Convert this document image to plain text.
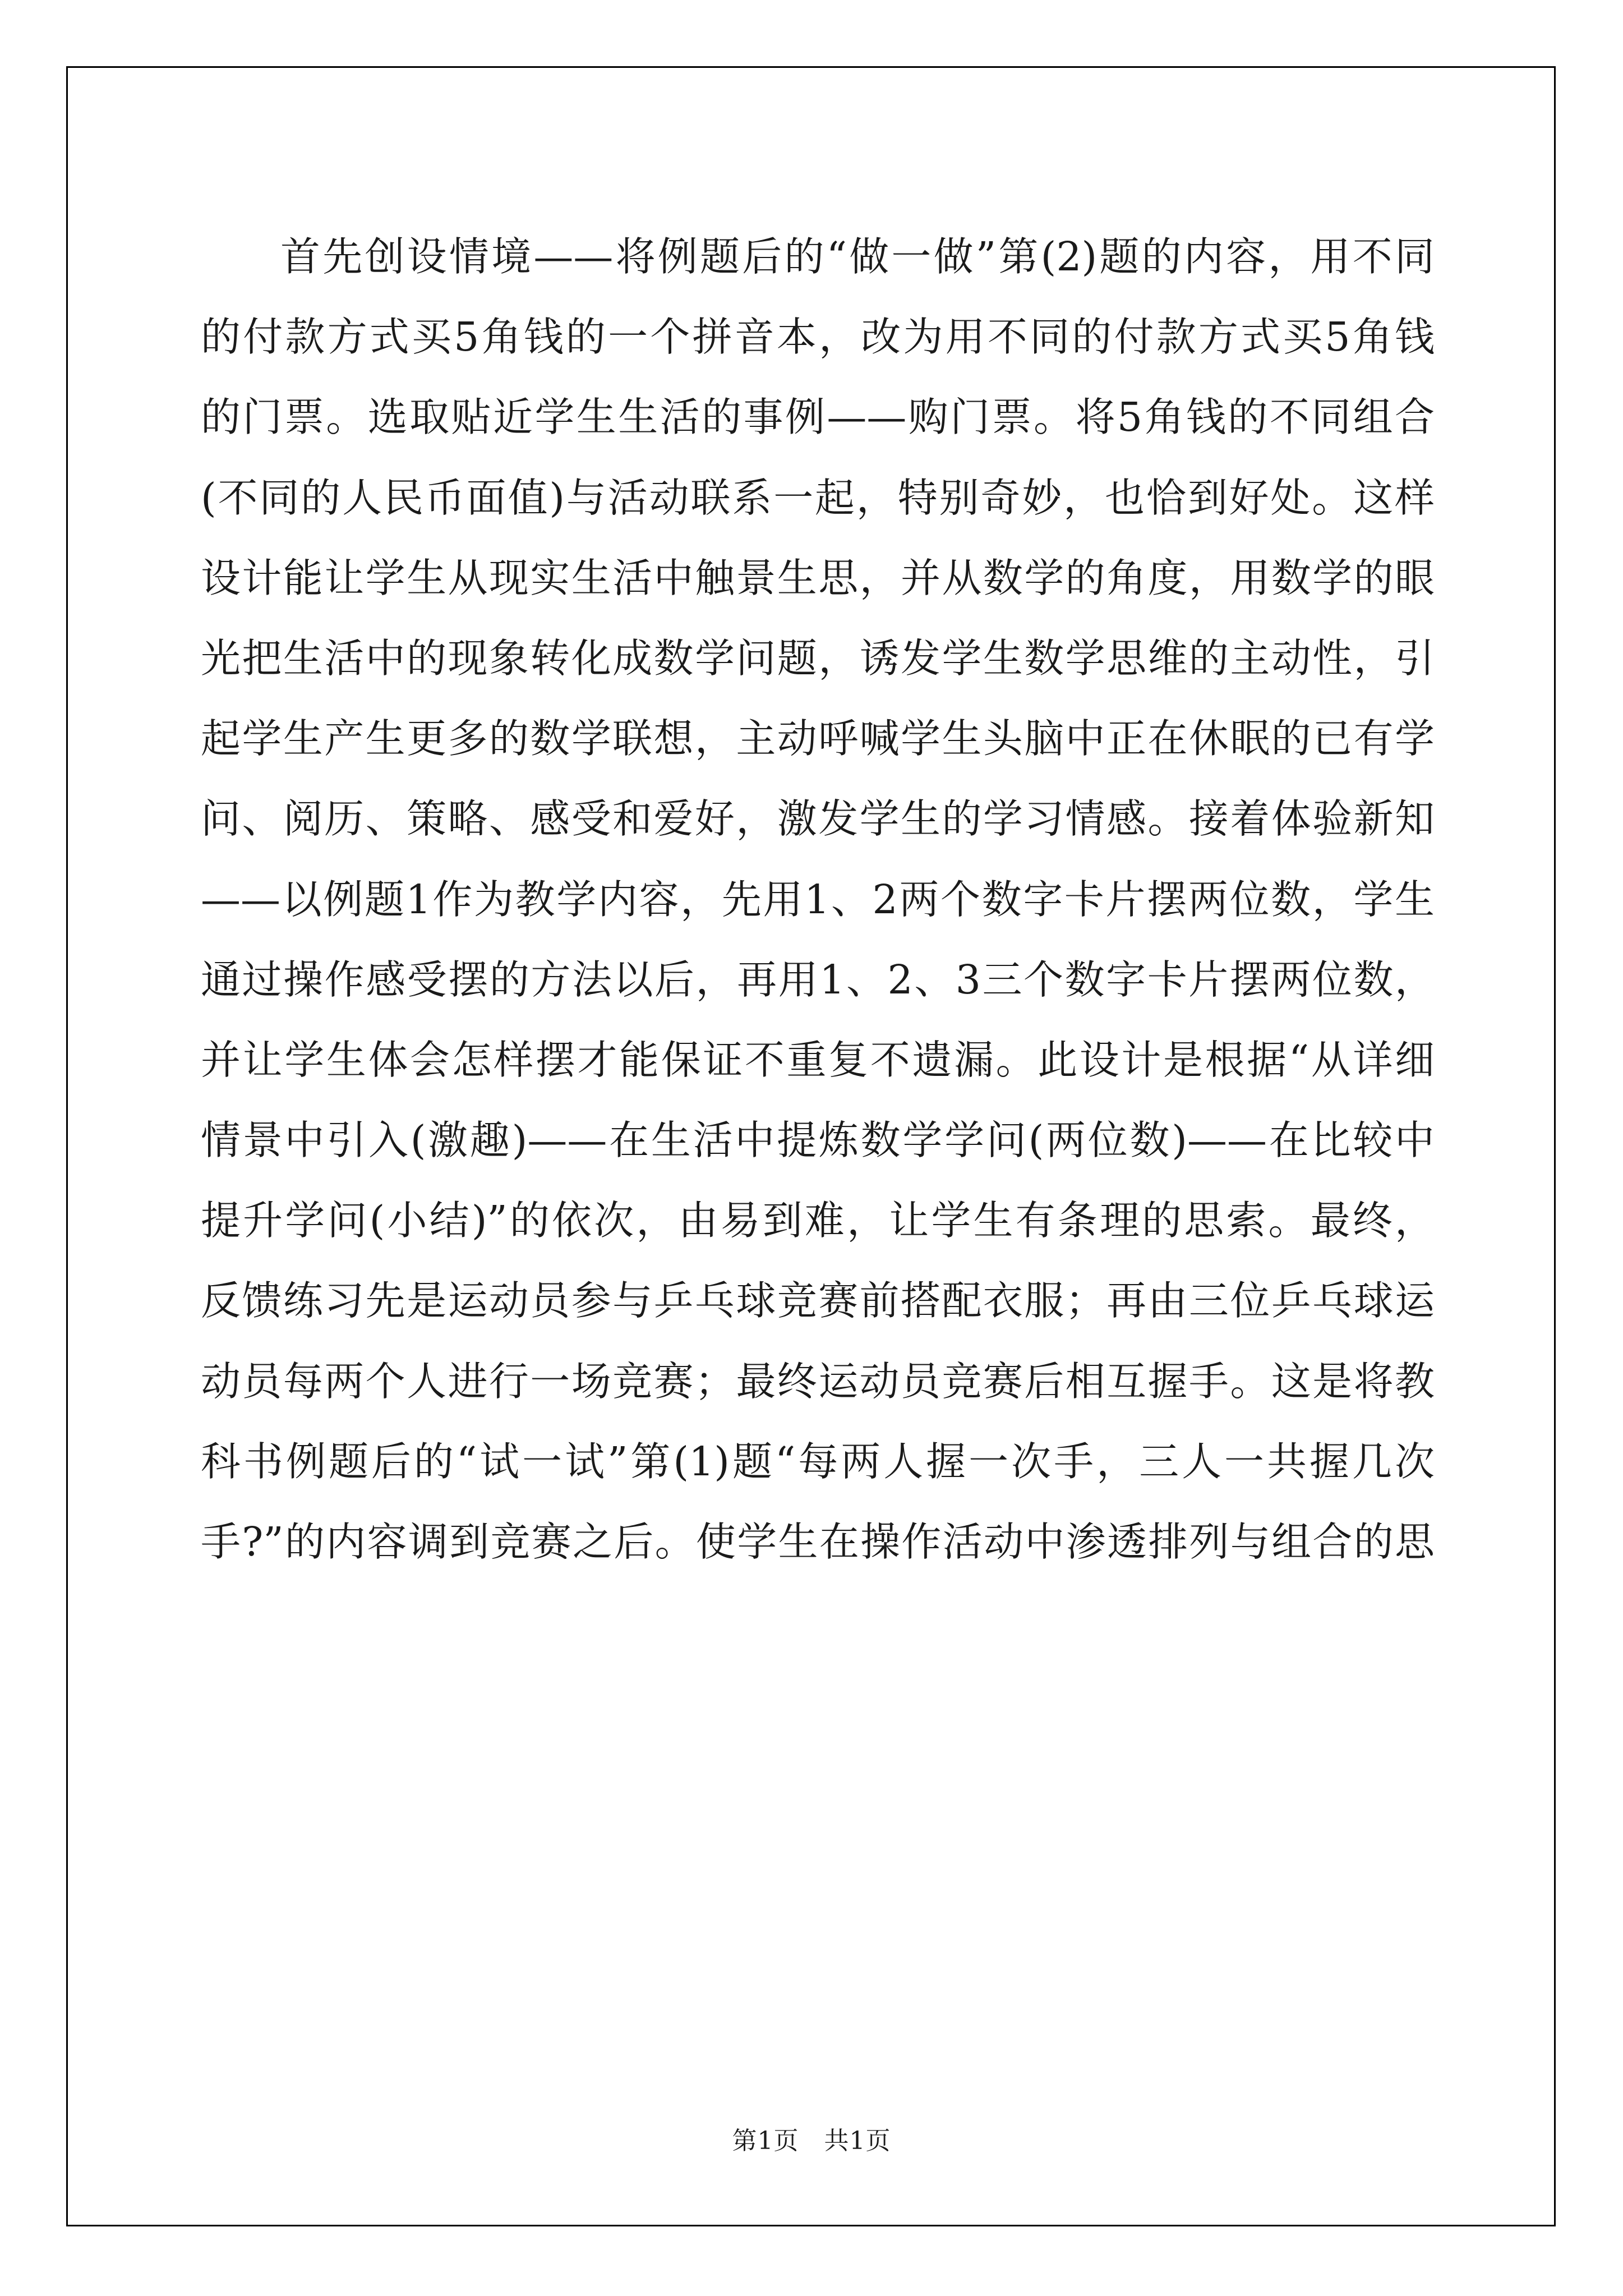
首先创设情境——将例题后的“做一做”第(2)题的内容，用不同
的付款方式买5角钱的一个拼音本，改为用不同的付款方式买5角钱
的门票。选取贴近学生生活的事例——购门票。将5角钱的不同组合
(不同的人民币面值)与活动联系一起，特别奇妙，也恰到好处。这样
设计能让学生从现实生活中触景生思，并从数学的角度，用数学的眼
光把生活中的现象转化成数学问题，诱发学生数学思维的主动性，引
起学生产生更多的数学联想，主动呼喊学生头脑中正在休眠的已有学
问、阅历、策略、感受和爱好，激发学生的学习情感。接着体验新知
——以例题1作为教学内容，先用1、2两个数字卡片摆两位数，学生
通过操作感受摆的方法以后，再用1、2、3三个数字卡片摆两位数，
并让学生体会怎样摆才能保证不重复不遗漏。此设计是根据“从详细
情景中引入(激趣)——在生活中提炼数学学问(两位数)——在比较中
提升学问(小结)”的依次，由易到难，让学生有条理的思索。最终，
反馈练习先是运动员参与乒乓球竞赛前搭配衣服；再由三位乒乓球运
动员每两个人进行一场竞赛；最终运动员竞赛后相互握手。这是将教
科书例题后的“试一试”第(1)题“每两人握一次手，三人一共握几次
手?”的内容调到竞赛之后。使学生在操作活动中渗透排列与组合的思
第1页　共1页
